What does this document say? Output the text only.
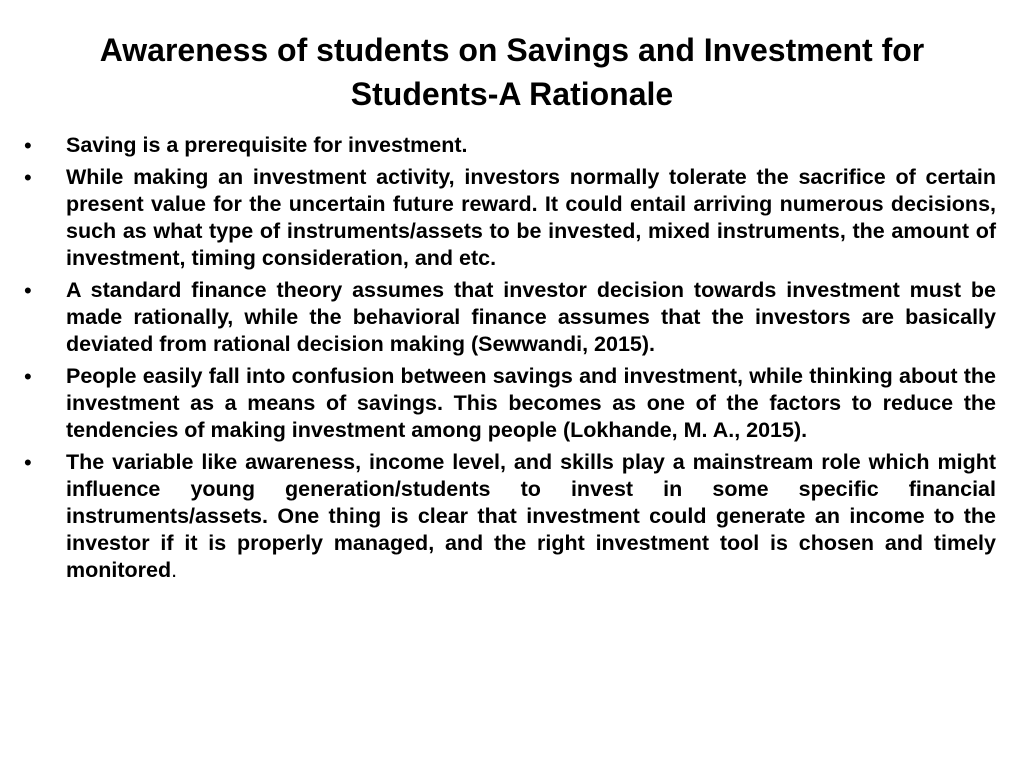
Awareness of students on Savings and Investment for Students-A Rationale
•	Saving is a prerequisite for investment.
•	While making an investment activity, investors normally tolerate the sacrifice of certain present value for the uncertain future reward. It could entail arriving numerous decisions, such as what type of instruments/assets to be invested, mixed instruments, the amount of investment, timing consideration, and etc.
•	A standard finance theory assumes that investor decision towards investment must be made rationally, while the behavioral finance assumes that the investors are basically deviated from rational decision making (Sewwandi, 2015).
•	People easily fall into confusion between savings and investment, while thinking about the investment as a means of savings. This becomes as one of the factors to reduce the tendencies of making investment among people (Lokhande, M. A., 2015).
•	The variable like awareness, income level, and skills play a mainstream role which might influence young generation/students to invest in some specific financial instruments/assets. One thing is clear that investment could generate an income to the investor if it is properly managed, and the right investment tool is chosen and timely monitored.
